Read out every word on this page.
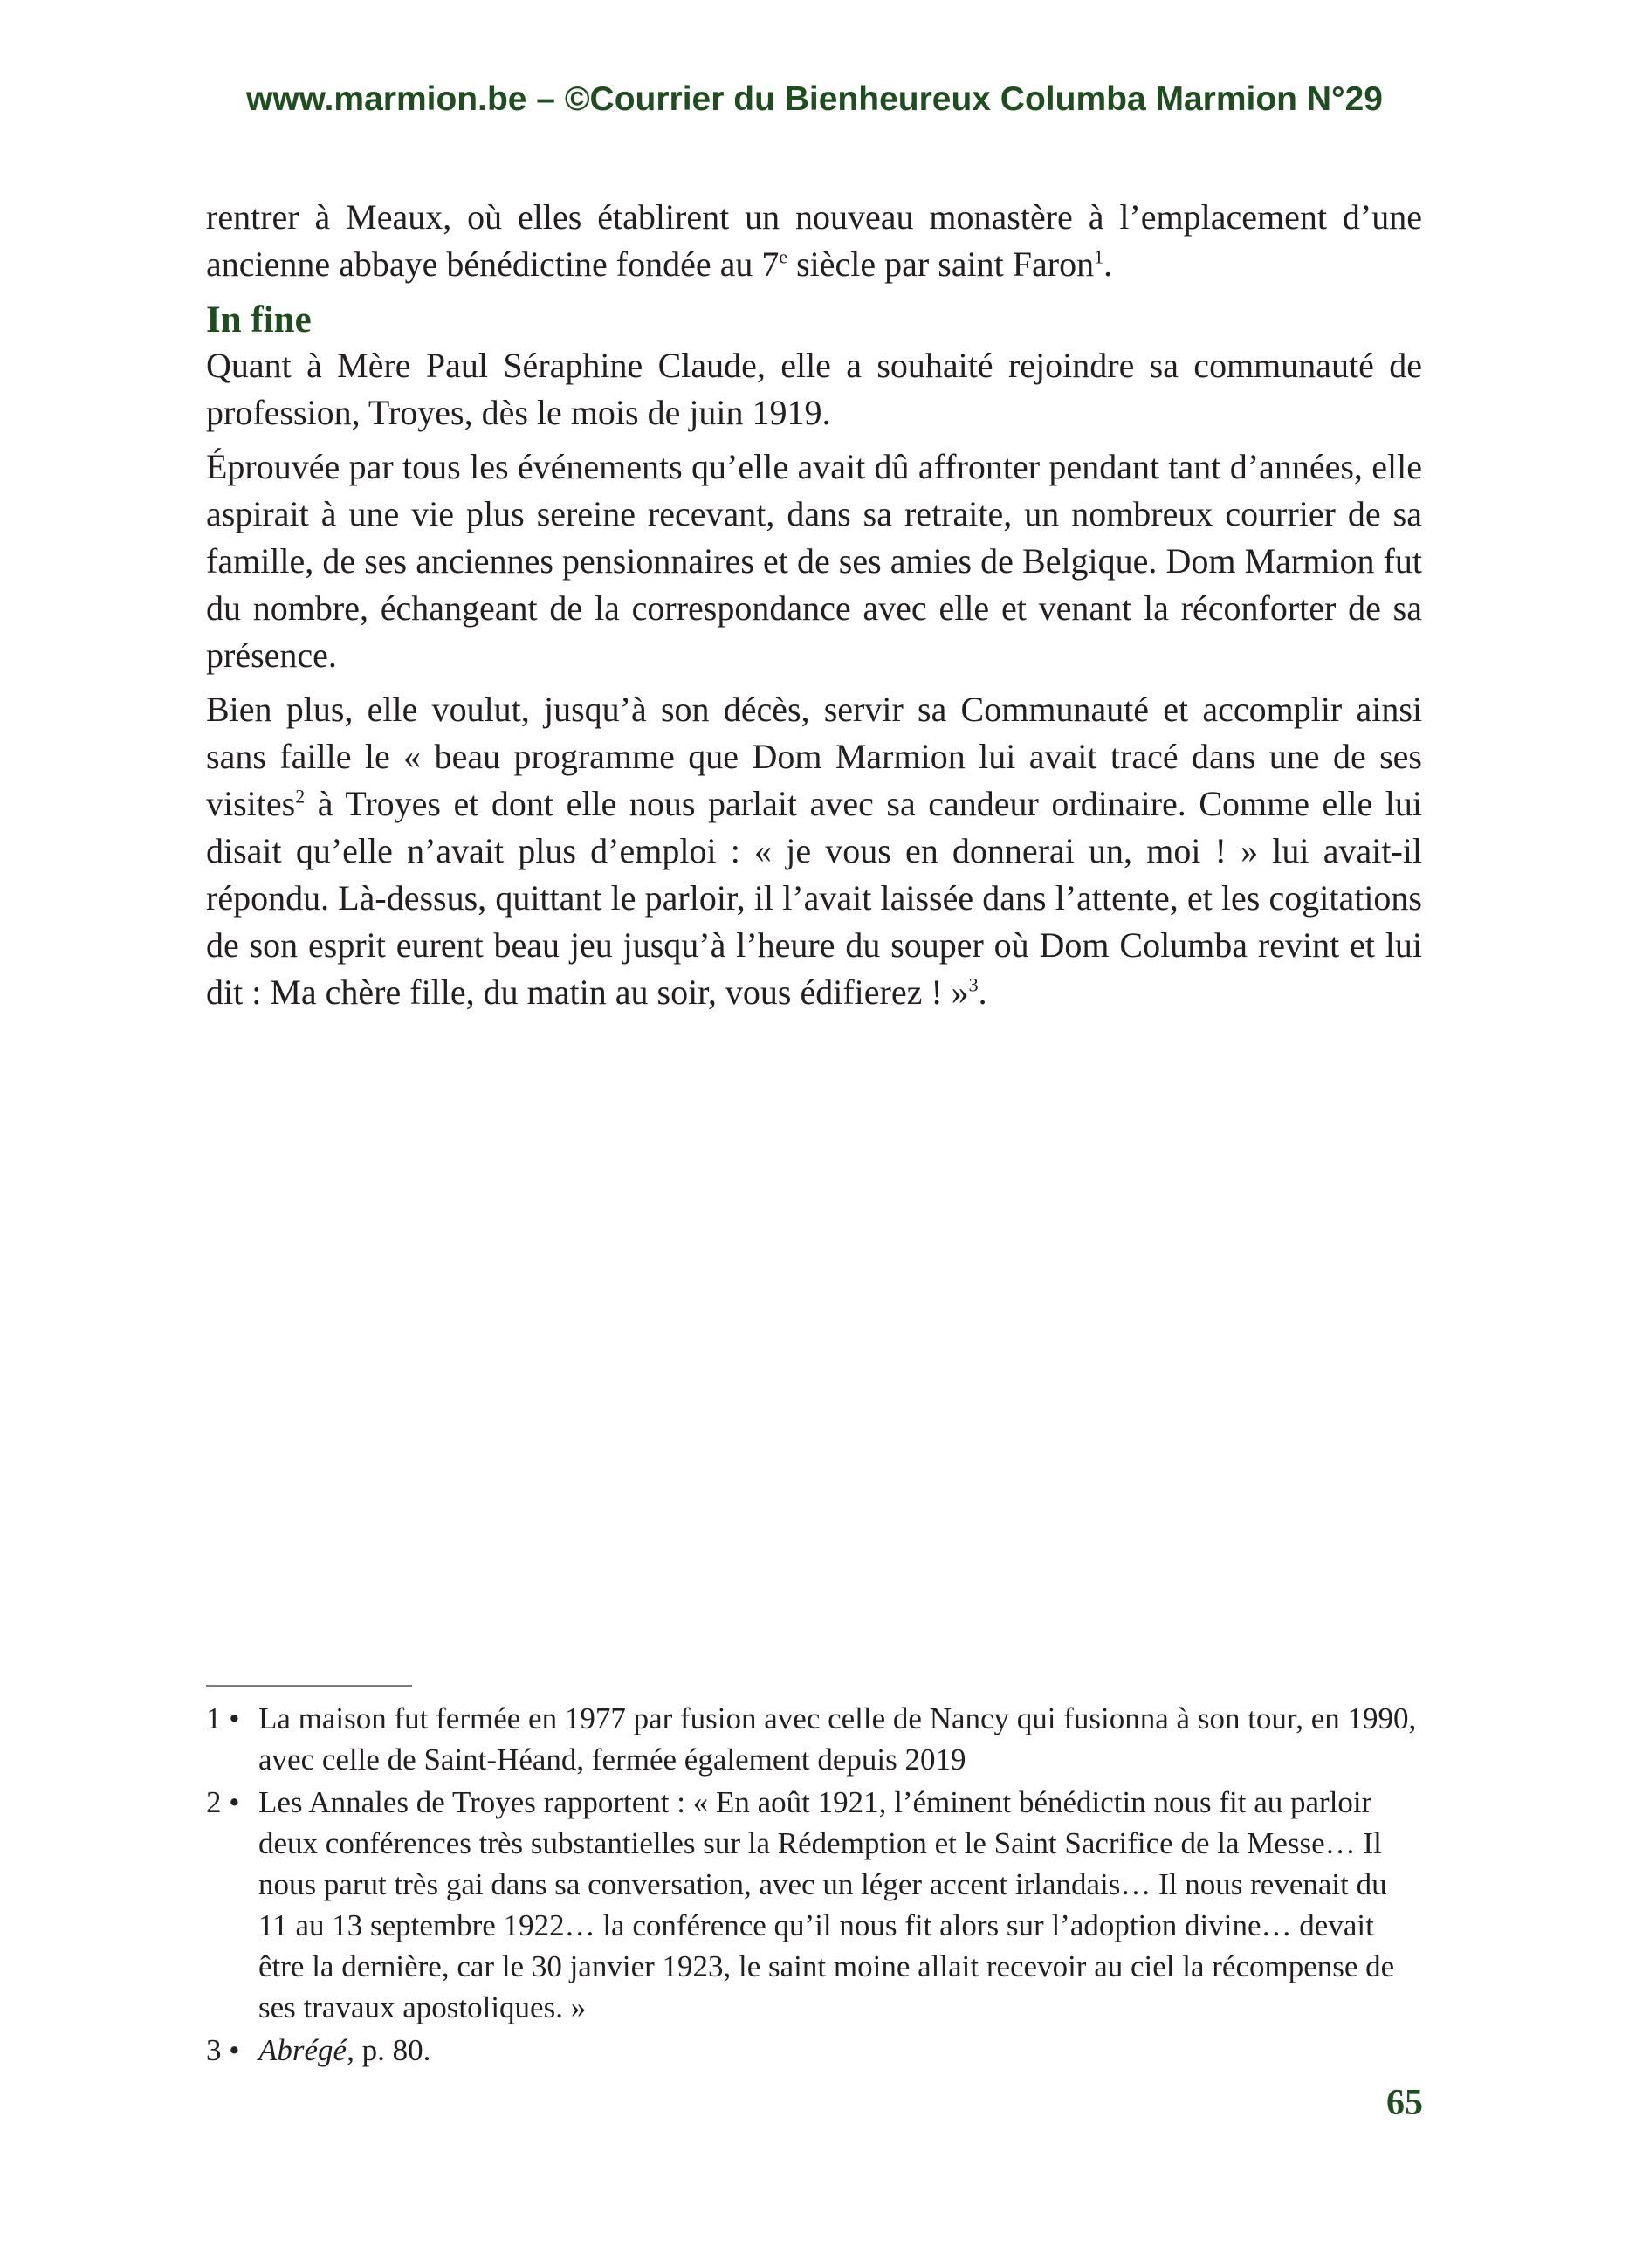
www.marmion.be – ©Courrier du Bienheureux Columba Marmion N°29

rentrer à Meaux, où elles établirent un nouveau monastère à l’emplacement d’une ancienne abbaye bénédictine fondée au 7e siècle par saint Faron$^1$.

In fine

Quant à Mère Paul Séraphine Claude, elle a souhaité rejoindre sa communauté de profession, Troyes, dès le mois de juin 1919.

Éprouvée par tous les événements qu’elle avait dû affronter pendant tant d’années, elle aspirait à une vie plus sereine recevant, dans sa retraite, un nombreux courrier de sa famille, de ses anciennes pensionnaires et de ses amies de Belgique. Dom Marmion fut du nombre, échangeant de la correspondance avec elle et venant la réconforter de sa présence.

Bien plus, elle voulut, jusqu’à son décès, servir sa Communauté et accomplir ainsi sans faille le « beau programme que Dom Marmion lui avait tracé dans une de ses visites$^2$ à Troyes et dont elle nous parlait avec sa candeur ordinaire. Comme elle lui disait qu’elle n’avait plus d’emploi : « je vous en donnerai un, moi ! » lui avait-il répondu. Là-dessus, quittant le parloir, il l’avait laissée dans l’attente, et les cogitations de son esprit eurent beau jeu jusqu’à l’heure du souper où Dom Columba revint et lui dit : Ma chère fille, du matin au soir, vous édifierez ! »$^3$.

1 • La maison fut fermée en 1977 par fusion avec celle de Nancy qui fusionna à son tour, en 1990, avec celle de Saint-Héand, fermée également depuis 2019
2 • Les Annales de Troyes rapportent : « En août 1921, l’éminent bénédictin nous fit au parloir deux conférences très substantielles sur la Rédemption et le Saint Sacrifice de la Messe… Il nous parut très gai dans sa conversation, avec un léger accent irlandais… Il nous revenait du 11 au 13 septembre 1922… la conférence qu’il nous fit alors sur l’adoption divine… devait être la dernière, car le 30 janvier 1923, le saint moine allait recevoir au ciel la récompense de ses travaux apostoliques. »
3 • Abrégé, p. 80.
65
